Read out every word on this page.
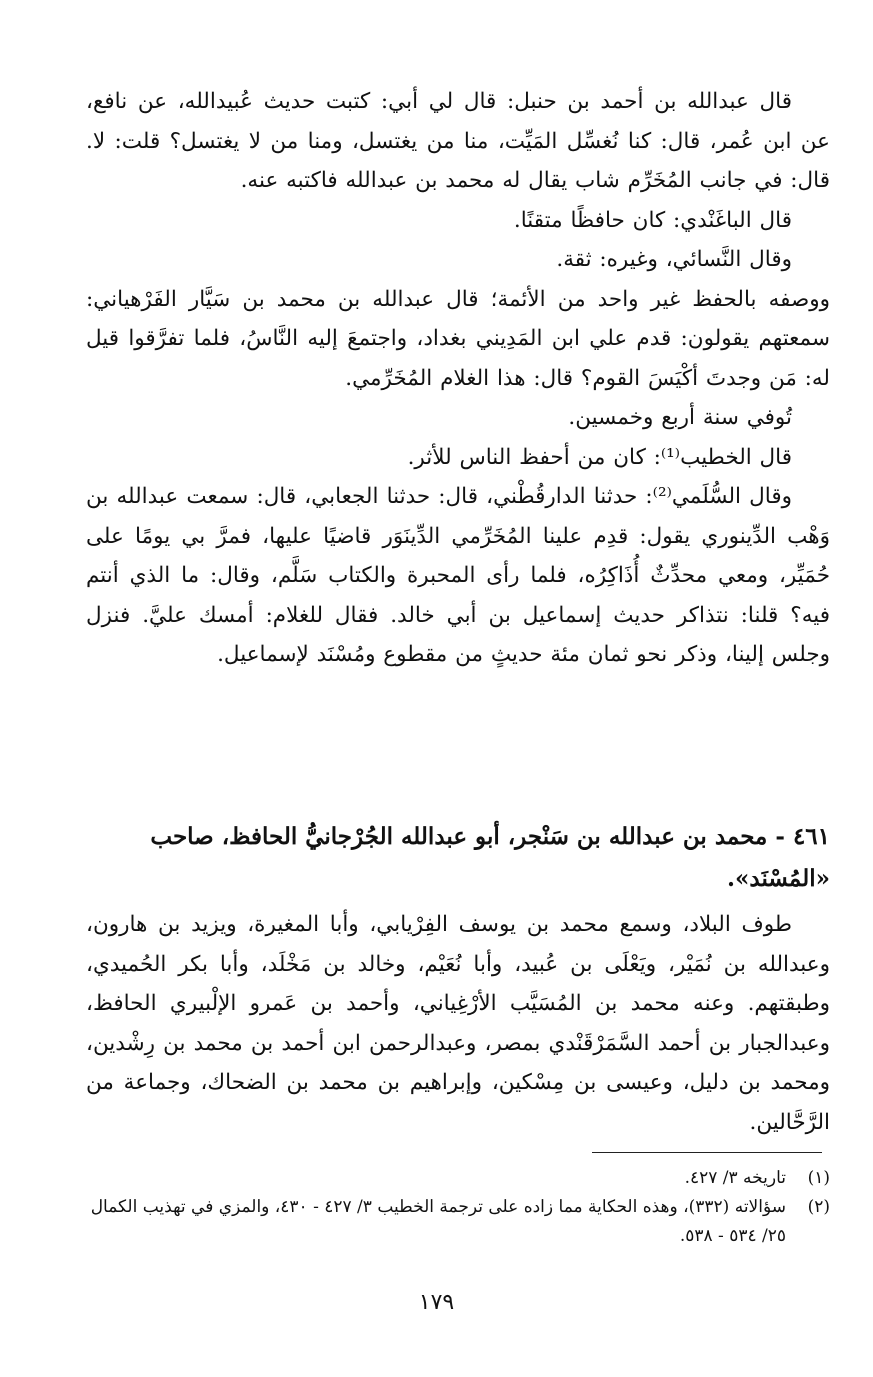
قال عبدالله بن أحمد بن حنبل: قال لي أبي: كتبت حديث عُبيدالله، عن نافع، عن ابن عُمر، قال: كنا نُغسِّل المَيِّت، منا من يغتسل، ومنا من لا يغتسل؟ قلت: لا. قال: في جانب المُخَرِّم شاب يقال له محمد بن عبدالله فاكتبه عنه.

قال الباغَنْدي: كان حافظًا متقنًا.

وقال النَّسائي، وغيره: ثقة.

ووصفه بالحفظ غير واحد من الأئمة؛ قال عبدالله بن محمد بن سَيَّار الفَرْهياني: سمعتهم يقولون: قدم علي ابن المَدِيني بغداد، واجتمعَ إليه النَّاسُ، فلما تفرَّقوا قيل له: مَن وجدتَ أكْيَسَ القوم؟ قال: هذا الغلام المُخَرِّمي.

تُوفي سنة أربع وخمسين.

قال الخطيب⁽¹⁾: كان من أحفظ الناس للأثر.

وقال السُّلَمي⁽²⁾: حدثنا الدارقُطْني، قال: حدثنا الجعابي، قال: سمعت عبدالله بن وَهْب الدِّينوري يقول: قدِم علينا المُخَرِّمي الدِّينَوَر قاضيًا عليها، فمرَّ بي يومًا على حُمَيِّر، ومعي محدِّثٌ أُذَاكِرُه، فلما رأى المحبرة والكتاب سَلَّم، وقال: ما الذي أنتم فيه؟ قلنا: نتذاكر حديث إسماعيل بن أبي خالد. فقال للغلام: أمسك عليَّ. فنزل وجلس إلينا، وذكر نحو ثمان مئة حديثٍ من مقطوع ومُسْنَد لإسماعيل.

٤٦١ - محمد بن عبدالله بن سَنْجر، أبو عبدالله الجُرْجانيُّ الحافظ، صاحب «المُسْنَد».

طوف البلاد، وسمع محمد بن يوسف الفِرْيابي، وأبا المغيرة، ويزيد بن هارون، وعبدالله بن نُمَيْر، ويَعْلَى بن عُبيد، وأبا نُعَيْم، وخالد بن مَخْلَد، وأبا بكر الحُميدي، وطبقتهم. وعنه محمد بن المُسَيَّب الأرْغِياني، وأحمد بن عَمرو الإلْبيري الحافظ، وعبدالجبار بن أحمد السَّمَرْقَنْدي بمصر، وعبدالرحمن ابن أحمد بن محمد بن رِشْدين، ومحمد بن دليل، وعيسى بن مِسْكين، وإبراهيم بن محمد بن الضحاك، وجماعة من الرَّحَّالين.

(١)
تاريخه ٣/ ٤٢٧.

(٢)
سؤالاته (٣٣٢)، وهذه الحكاية مما زاده على ترجمة الخطيب ٣/ ٤٢٧ - ٤٣٠، والمزي في تهذيب الكمال ٢٥/ ٥٣٤ - ٥٣٨.

١٧٩
